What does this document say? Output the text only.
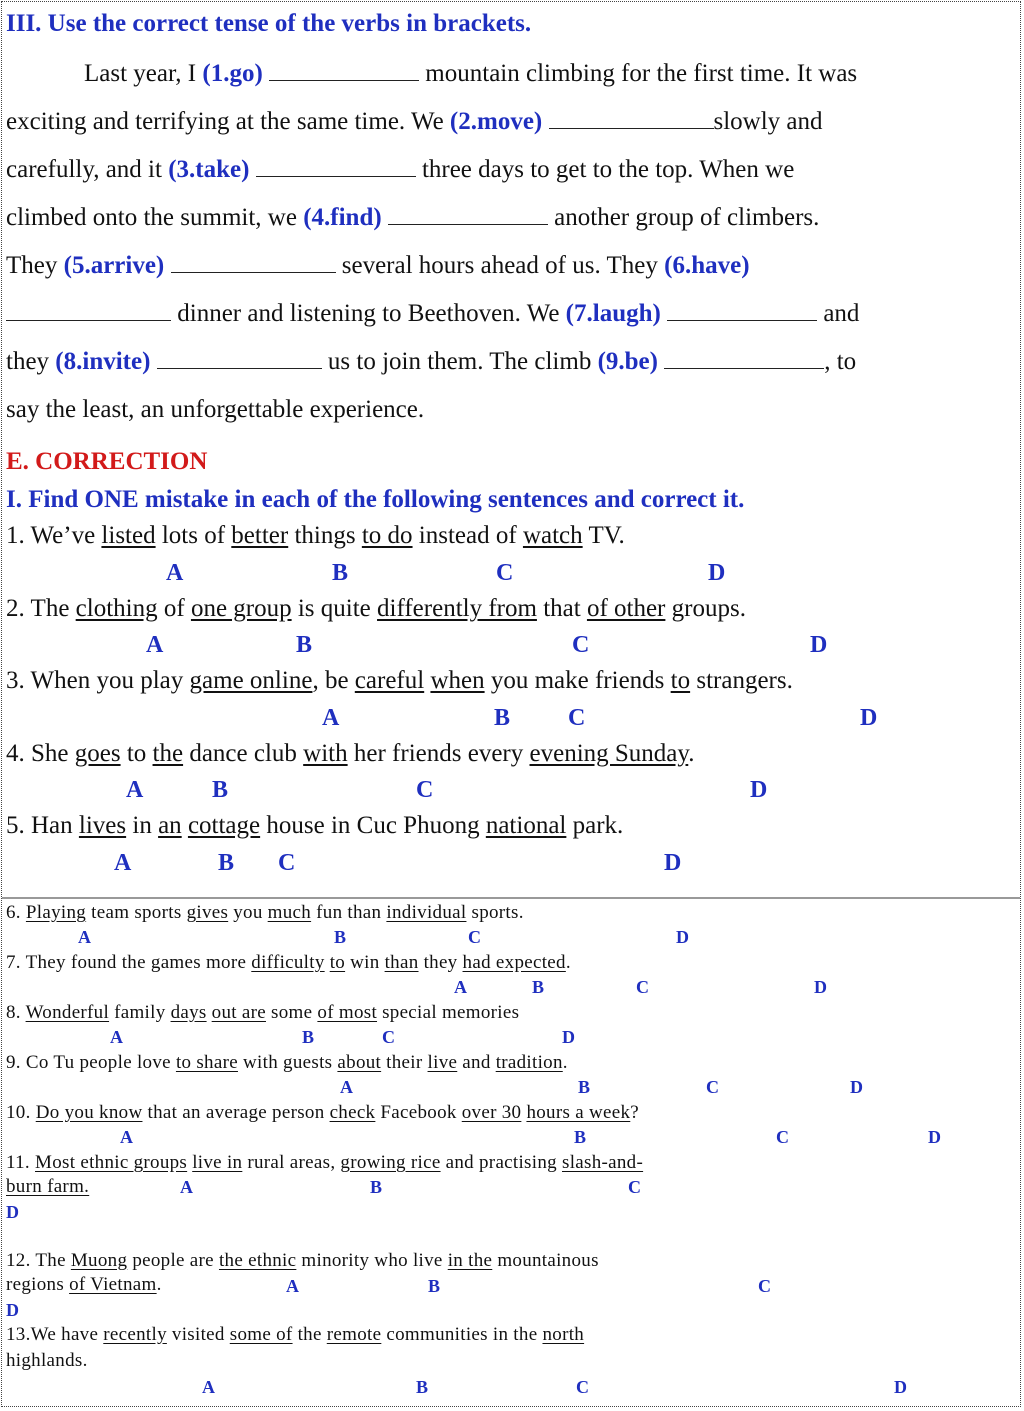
III. Use the correct tense of the verbs in brackets.
Last year, I (1.go)	mountain climbing for the first time. It was
exciting and terrifying at the same time. We (2.move)	slowly and
carefully, and it (3.take)	three days to get to the top. When we
climbed onto the summit, we (4.find)	another group of climbers.
They (5.arrive)	several hours ahead of us. They (6.have)
dinner and listening to Beethoven. We (7.laugh)	and
they (8.invite)	us to join them. The climb (9.be)	, to
say the least, an unforgettable experience.
E. CORRECTION
I. Find ONE mistake in each of the following sentences and correct it.
1. We’ve listed lots of better things to do instead of watch TV.
A	B	C	D
2. The clothing of one group is quite differently from that of other groups.
A	B	C	D
3. When you play game online, be careful when you make friends to strangers.
A	B C	D
4. She goes to the dance club with her friends every evening Sunday.
A	B	C	D
5. Han lives in an cottage house in Cuc Phuong national park.
A	B C	D
6. Playing team sports gives you much fun than individual sports.
A	B	C	D
7. They found the games more difficulty to win than they had expected.
A	B	C	D
8. Wonderful family days out are some of most special memories
A	B	C	D
9. Co Tu people love to share with guests about their live and tradition.
A	B	C	D
10. Do you know that an average person check Facebook over 30 hours a week?
A	B	C	D
11. Most ethnic groups live in rural areas, growing rice and practising slash-and-
burn farm.	A	B	C
D
12. The Muong people are the ethnic minority who live in the mountainous
regions of Vietnam.	A	B	C
D
13.We have recently visited some of the remote communities in the north
highlands.
A	B	C	D
